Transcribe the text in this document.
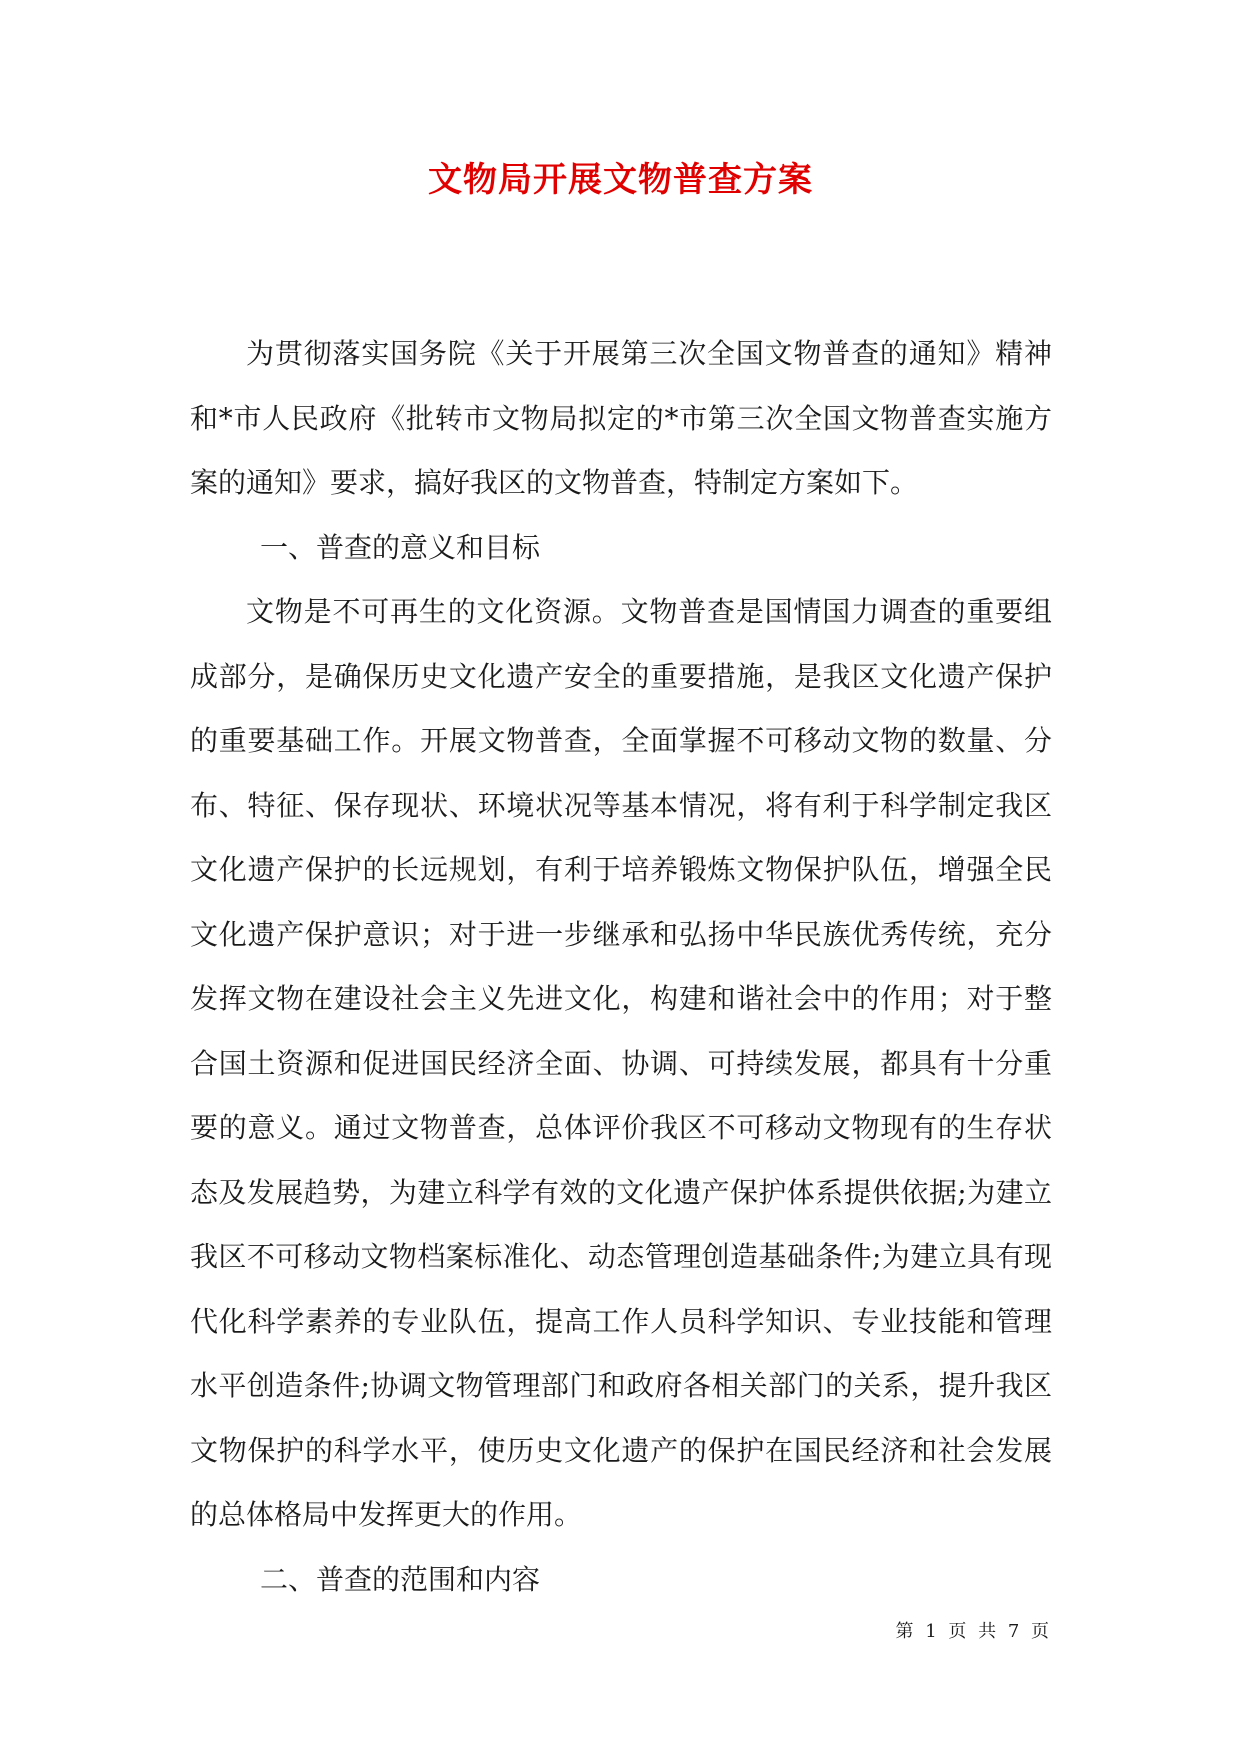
文物局开展文物普查方案

为贯彻落实国务院《关于开展第三次全国文物普查的通知》精神和*市人民政府《批转市文物局拟定的*市第三次全国文物普查实施方案的通知》要求，搞好我区的文物普查，特制定方案如下。

一、普查的意义和目标

文物是不可再生的文化资源。文物普查是国情国力调查的重要组成部分，是确保历史文化遗产安全的重要措施，是我区文化遗产保护的重要基础工作。开展文物普查，全面掌握不可移动文物的数量、分布、特征、保存现状、环境状况等基本情况，将有利于科学制定我区文化遗产保护的长远规划，有利于培养锻炼文物保护队伍，增强全民文化遗产保护意识；对于进一步继承和弘扬中华民族优秀传统，充分发挥文物在建设社会主义先进文化，构建和谐社会中的作用；对于整合国土资源和促进国民经济全面、协调、可持续发展，都具有十分重要的意义。通过文物普查，总体评价我区不可移动文物现有的生存状态及发展趋势，为建立科学有效的文化遗产保护体系提供依据;为建立我区不可移动文物档案标准化、动态管理创造基础条件;为建立具有现代化科学素养的专业队伍，提高工作人员科学知识、专业技能和管理水平创造条件;协调文物管理部门和政府各相关部门的关系，提升我区文物保护的科学水平，使历史文化遗产的保护在国民经济和社会发展的总体格局中发挥更大的作用。

二、普查的范围和内容

第 1 页 共 7 页
